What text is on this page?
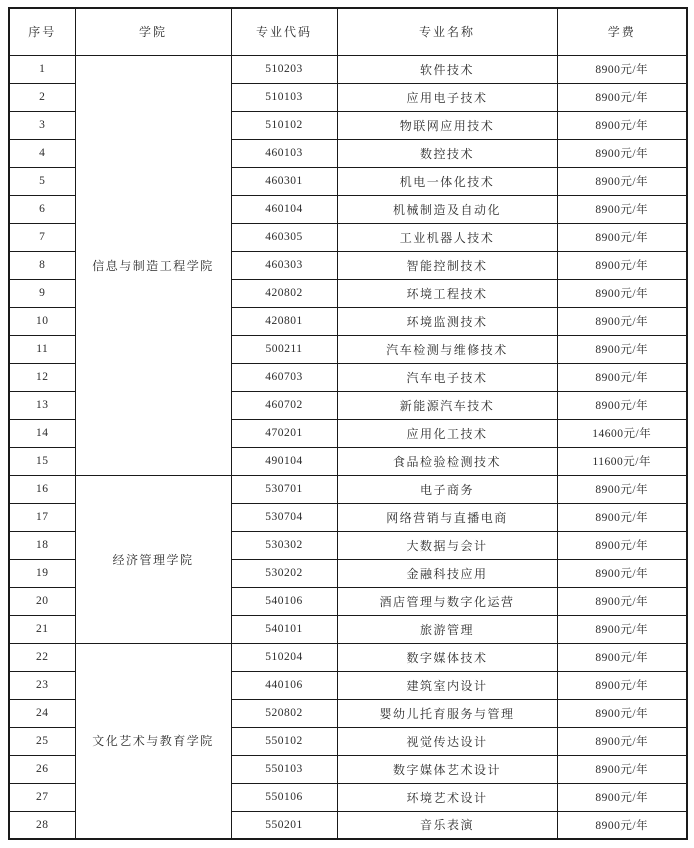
序号	学院	专业代码	专业名称	学费
1	信息与制造工程学院	510203	软件技术	8900元/年
2		510103	应用电子技术	8900元/年
3		510102	物联网应用技术	8900元/年
4		460103	数控技术	8900元/年
5		460301	机电一体化技术	8900元/年
6		460104	机械制造及自动化	8900元/年
7		460305	工业机器人技术	8900元/年
8		460303	智能控制技术	8900元/年
9		420802	环境工程技术	8900元/年
10		420801	环境监测技术	8900元/年
11		500211	汽车检测与维修技术	8900元/年
12		460703	汽车电子技术	8900元/年
13		460702	新能源汽车技术	8900元/年
14		470201	应用化工技术	14600元/年
15		490104	食品检验检测技术	11600元/年
16	经济管理学院	530701	电子商务	8900元/年
17		530704	网络营销与直播电商	8900元/年
18		530302	大数据与会计	8900元/年
19		530202	金融科技应用	8900元/年
20		540106	酒店管理与数字化运营	8900元/年
21		540101	旅游管理	8900元/年
22	文化艺术与教育学院	510204	数字媒体技术	8900元/年
23		440106	建筑室内设计	8900元/年
24		520802	婴幼儿托育服务与管理	8900元/年
25		550102	视觉传达设计	8900元/年
26		550103	数字媒体艺术设计	8900元/年
27		550106	环境艺术设计	8900元/年
28		550201	音乐表演	8900元/年
